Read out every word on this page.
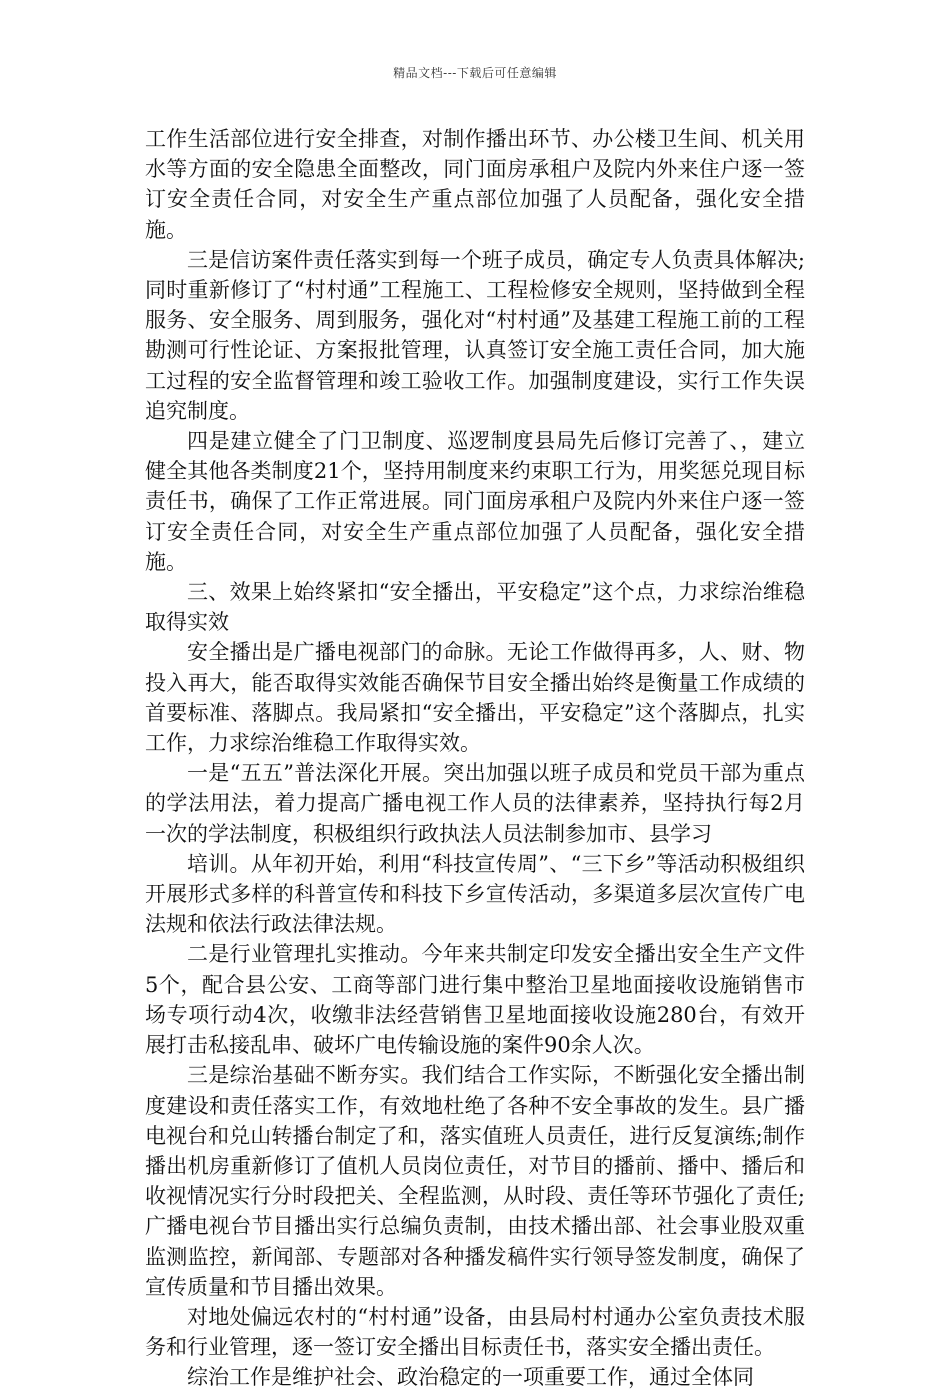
精品文档---下载后可任意编辑

工作生活部位进行安全排查，对制作播出环节、办公楼卫生间、机关用水等方面的安全隐患全面整改，同门面房承租户及院内外来住户逐一签订安全责任合同，对安全生产重点部位加强了人员配备，强化安全措施。

三是信访案件责任落实到每一个班子成员，确定专人负责具体解决;同时重新修订了“村村通”工程施工、工程检修安全规则，坚持做到全程服务、安全服务、周到服务，强化对“村村通”及基建工程施工前的工程勘测可行性论证、方案报批管理，认真签订安全施工责任合同，加大施工过程的安全监督管理和竣工验收工作。加强制度建设，实行工作失误追究制度。

四是建立健全了门卫制度、巡逻制度县局先后修订完善了、，建立健全其他各类制度21个，坚持用制度来约束职工行为，用奖惩兑现目标责任书，确保了工作正常进展。同门面房承租户及院内外来住户逐一签订安全责任合同，对安全生产重点部位加强了人员配备，强化安全措施。

三、效果上始终紧扣“安全播出，平安稳定”这个点，力求综治维稳取得实效

安全播出是广播电视部门的命脉。无论工作做得再多，人、财、物投入再大，能否取得实效能否确保节目安全播出始终是衡量工作成绩的首要标准、落脚点。我局紧扣“安全播出，平安稳定”这个落脚点，扎实工作，力求综治维稳工作取得实效。

一是“五五”普法深化开展。突出加强以班子成员和党员干部为重点的学法用法，着力提高广播电视工作人员的法律素养，坚持执行每2月一次的学法制度，积极组织行政执法人员法制参加市、县学习

培训。从年初开始，利用“科技宣传周”、“三下乡”等活动积极组织开展形式多样的科普宣传和科技下乡宣传活动，多渠道多层次宣传广电法规和依法行政法律法规。

二是行业管理扎实推动。今年来共制定印发安全播出安全生产文件5个，配合县公安、工商等部门进行集中整治卫星地面接收设施销售市场专项行动4次，收缴非法经营销售卫星地面接收设施280台，有效开展打击私接乱串、破坏广电传输设施的案件90余人次。

三是综治基础不断夯实。我们结合工作实际，不断强化安全播出制度建设和责任落实工作，有效地杜绝了各种不安全事故的发生。县广播电视台和兑山转播台制定了和，落实值班人员责任，进行反复演练;制作播出机房重新修订了值机人员岗位责任，对节目的播前、播中、播后和收视情况实行分时段把关、全程监测，从时段、责任等环节强化了责任;广播电视台节目播出实行总编负责制，由技术播出部、社会事业股双重监测监控，新闻部、专题部对各种播发稿件实行领导签发制度，确保了宣传质量和节目播出效果。

对地处偏远农村的“村村通”设备，由县局村村通办公室负责技术服务和行业管理，逐一签订安全播出目标责任书，落实安全播出责任。

综治工作是维护社会、政治稳定的一项重要工作，通过全体同
